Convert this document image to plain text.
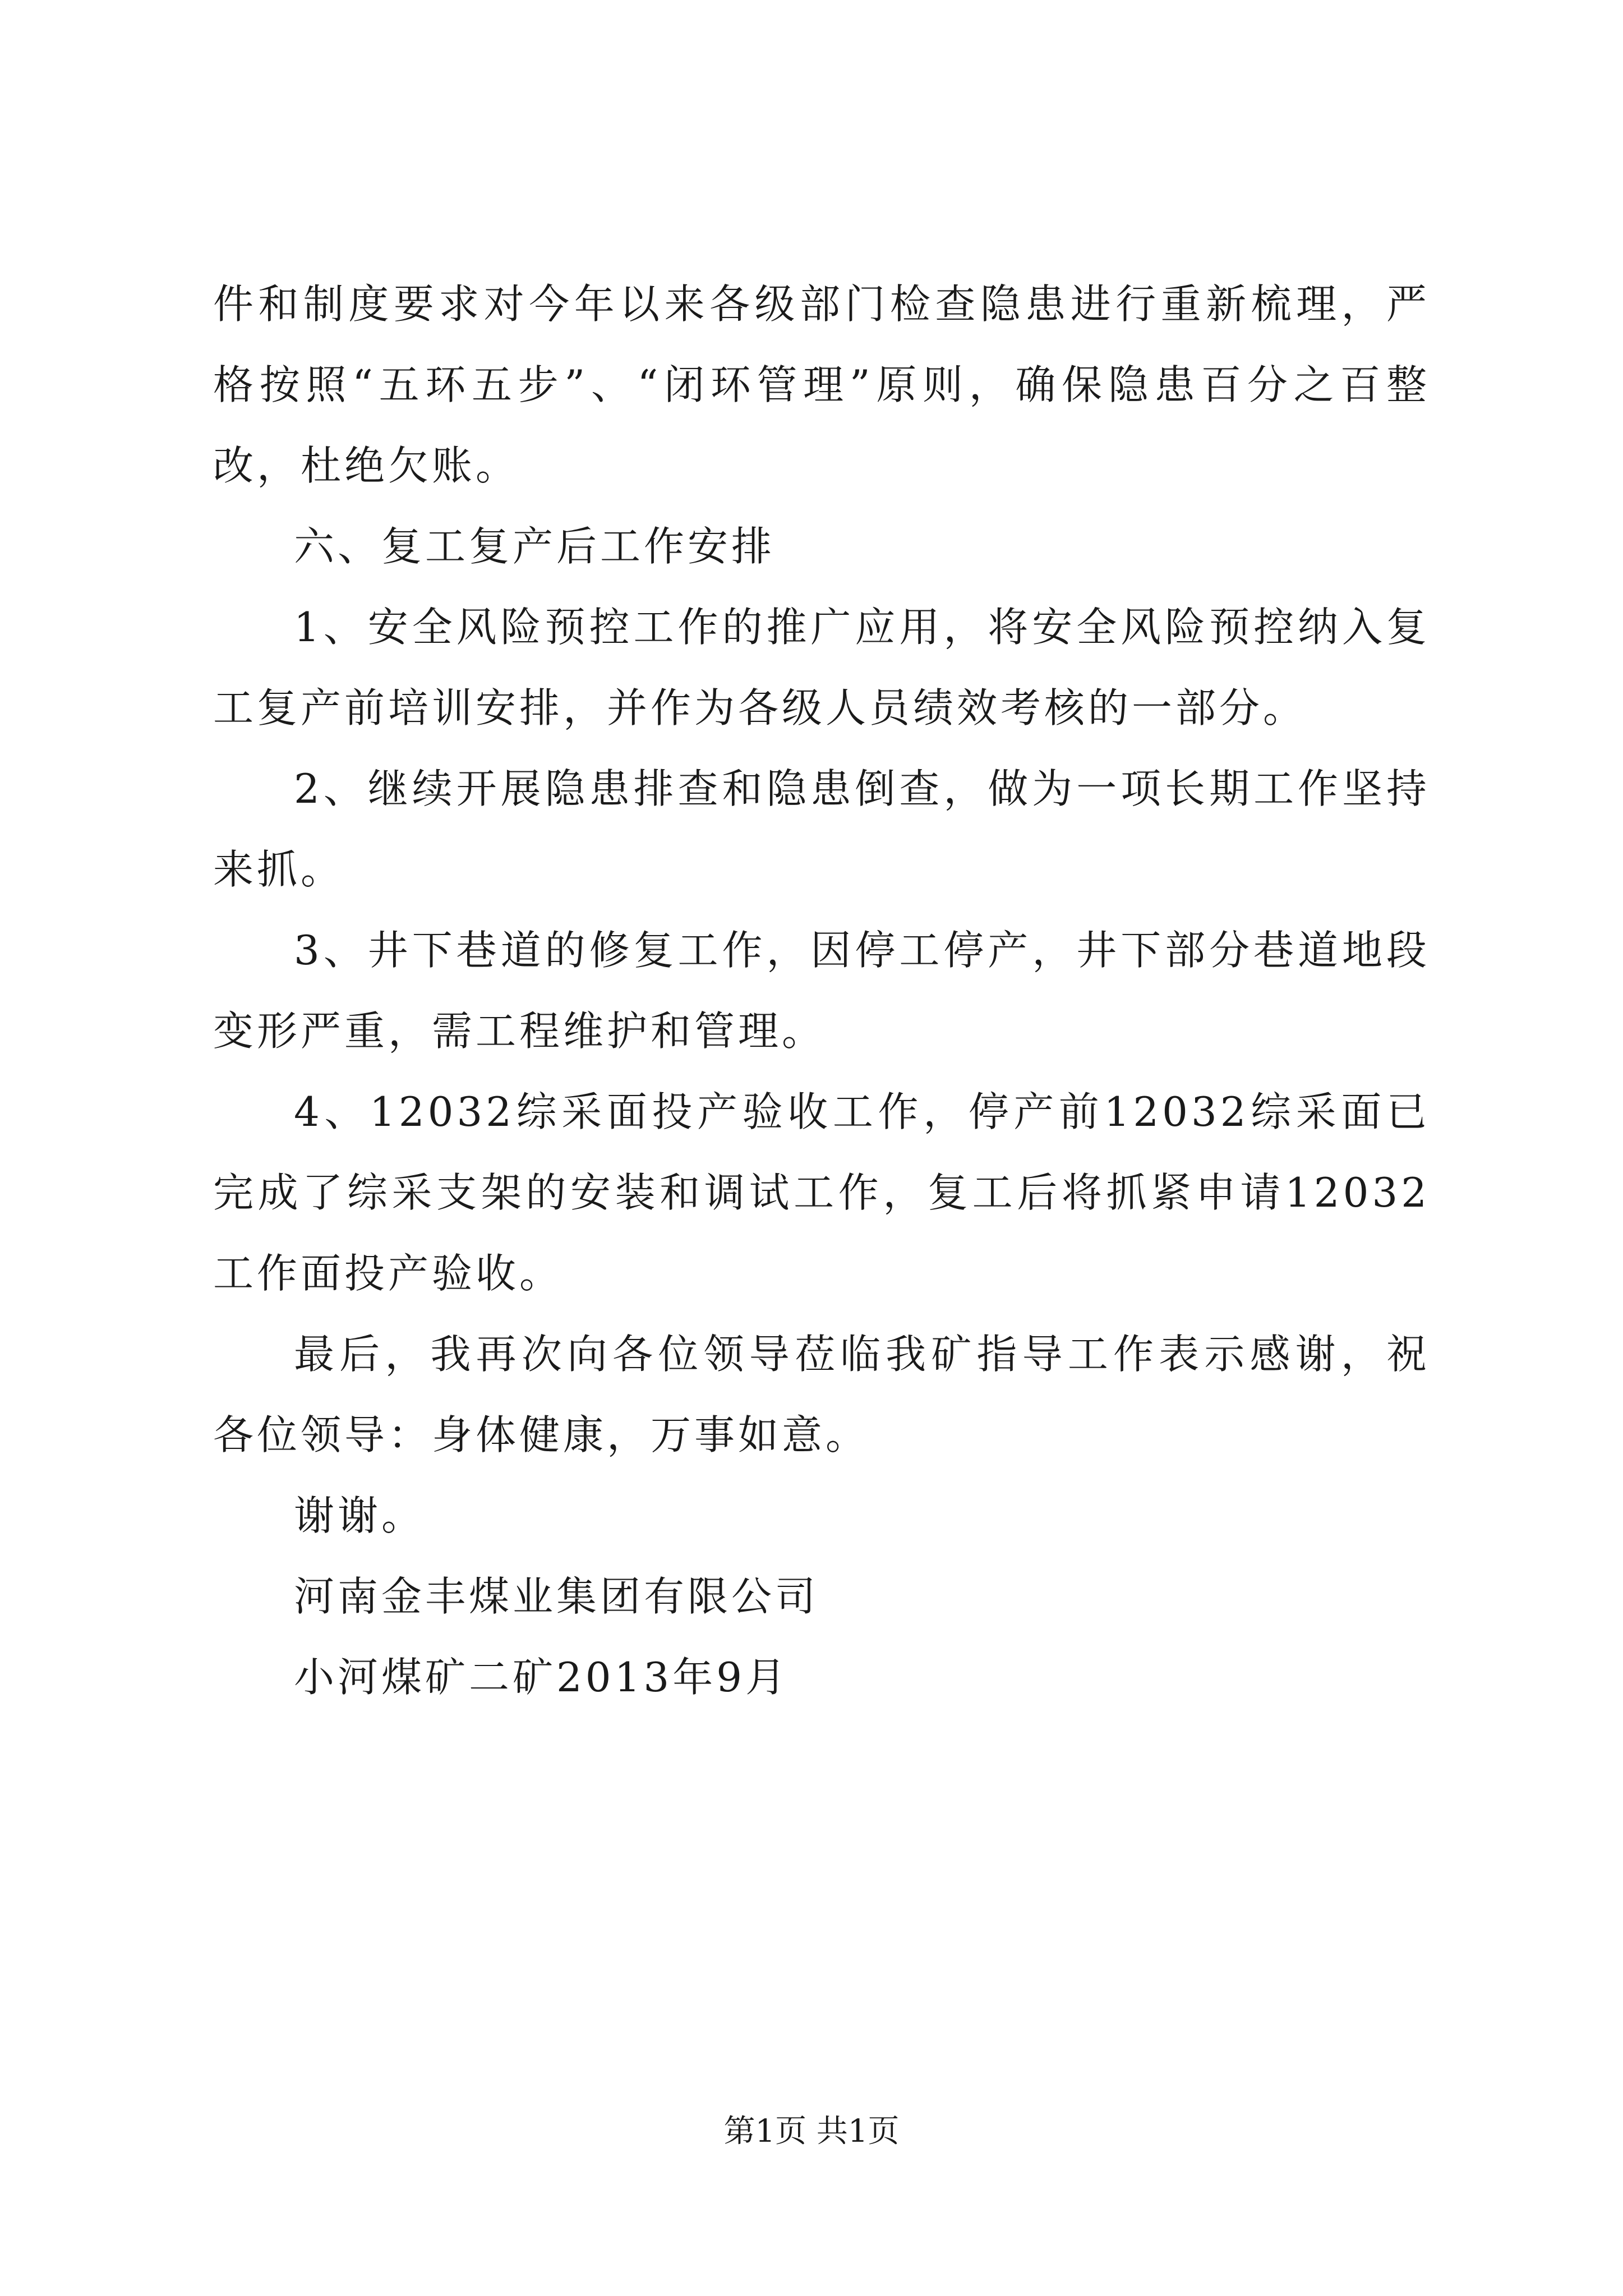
件和制度要求对今年以来各级部门检查隐患进行重新梳理，严格按照“五环五步”、“闭环管理”原则，确保隐患百分之百整改，杜绝欠账。

六、复工复产后工作安排

1、安全风险预控工作的推广应用，将安全风险预控纳入复工复产前培训安排，并作为各级人员绩效考核的一部分。

2、继续开展隐患排查和隐患倒查，做为一项长期工作坚持来抓。

3、井下巷道的修复工作，因停工停产，井下部分巷道地段变形严重，需工程维护和管理。

4、12032综采面投产验收工作，停产前12032综采面已完成了综采支架的安装和调试工作，复工后将抓紧申请12032工作面投产验收。

最后，我再次向各位领导莅临我矿指导工作表示感谢，祝各位领导：身体健康，万事如意。

谢谢。

河南金丰煤业集团有限公司

小河煤矿二矿2013年9月

第1页 共1页
